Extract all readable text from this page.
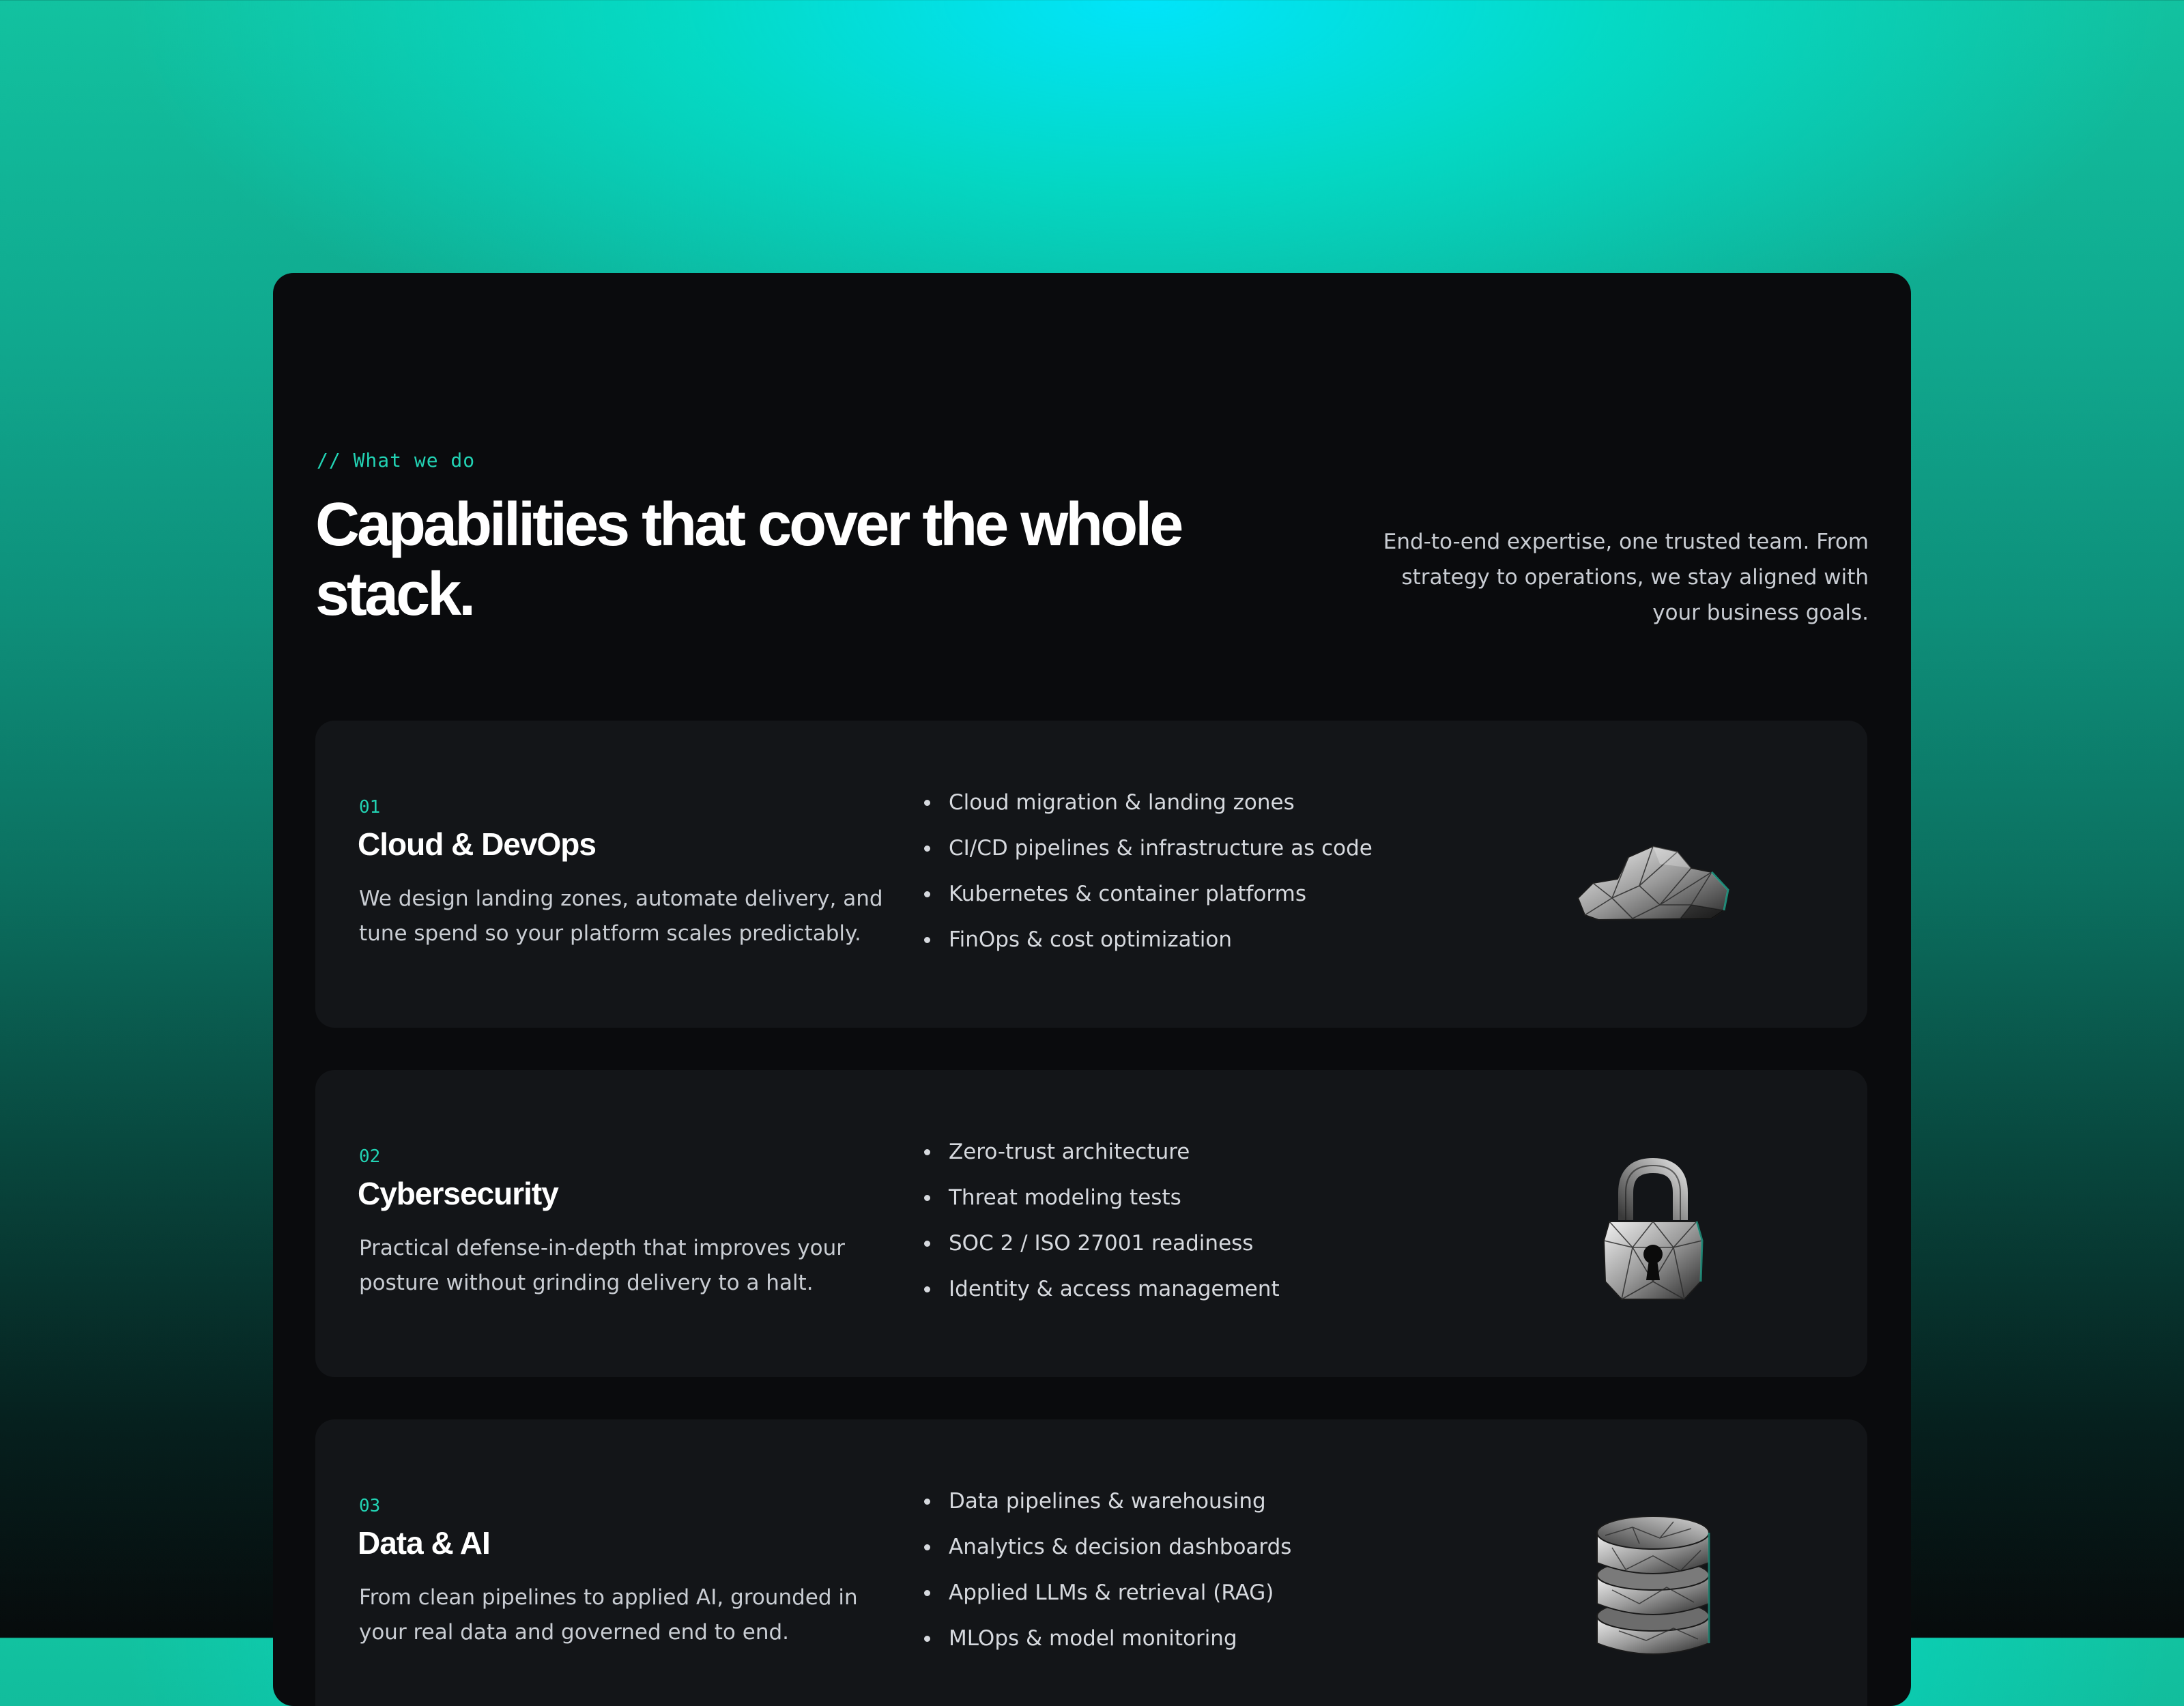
// What we do
Capabilities that cover the whole stack.

End-to-end expertise, one trusted team. From strategy to operations, we stay aligned with your business goals.

01
Cloud & DevOps

We design landing zones, automate delivery, and tune spend so your platform scales predictably.

Cloud migration & landing zones
CI/CD pipelines & infrastructure as code
Kubernetes & container platforms
FinOps & cost optimization
02
Cybersecurity

Practical defense-in-depth that improves your posture without grinding delivery to a halt.

Zero-trust architecture
Threat modeling tests
SOC 2 / ISO 27001 readiness
Identity & access management
03
Data & AI

From clean pipelines to applied AI, grounded in your real data and governed end to end.

Data pipelines & warehousing
Analytics & decision dashboards
Applied LLMs & retrieval (RAG)
MLOps & model monitoring
